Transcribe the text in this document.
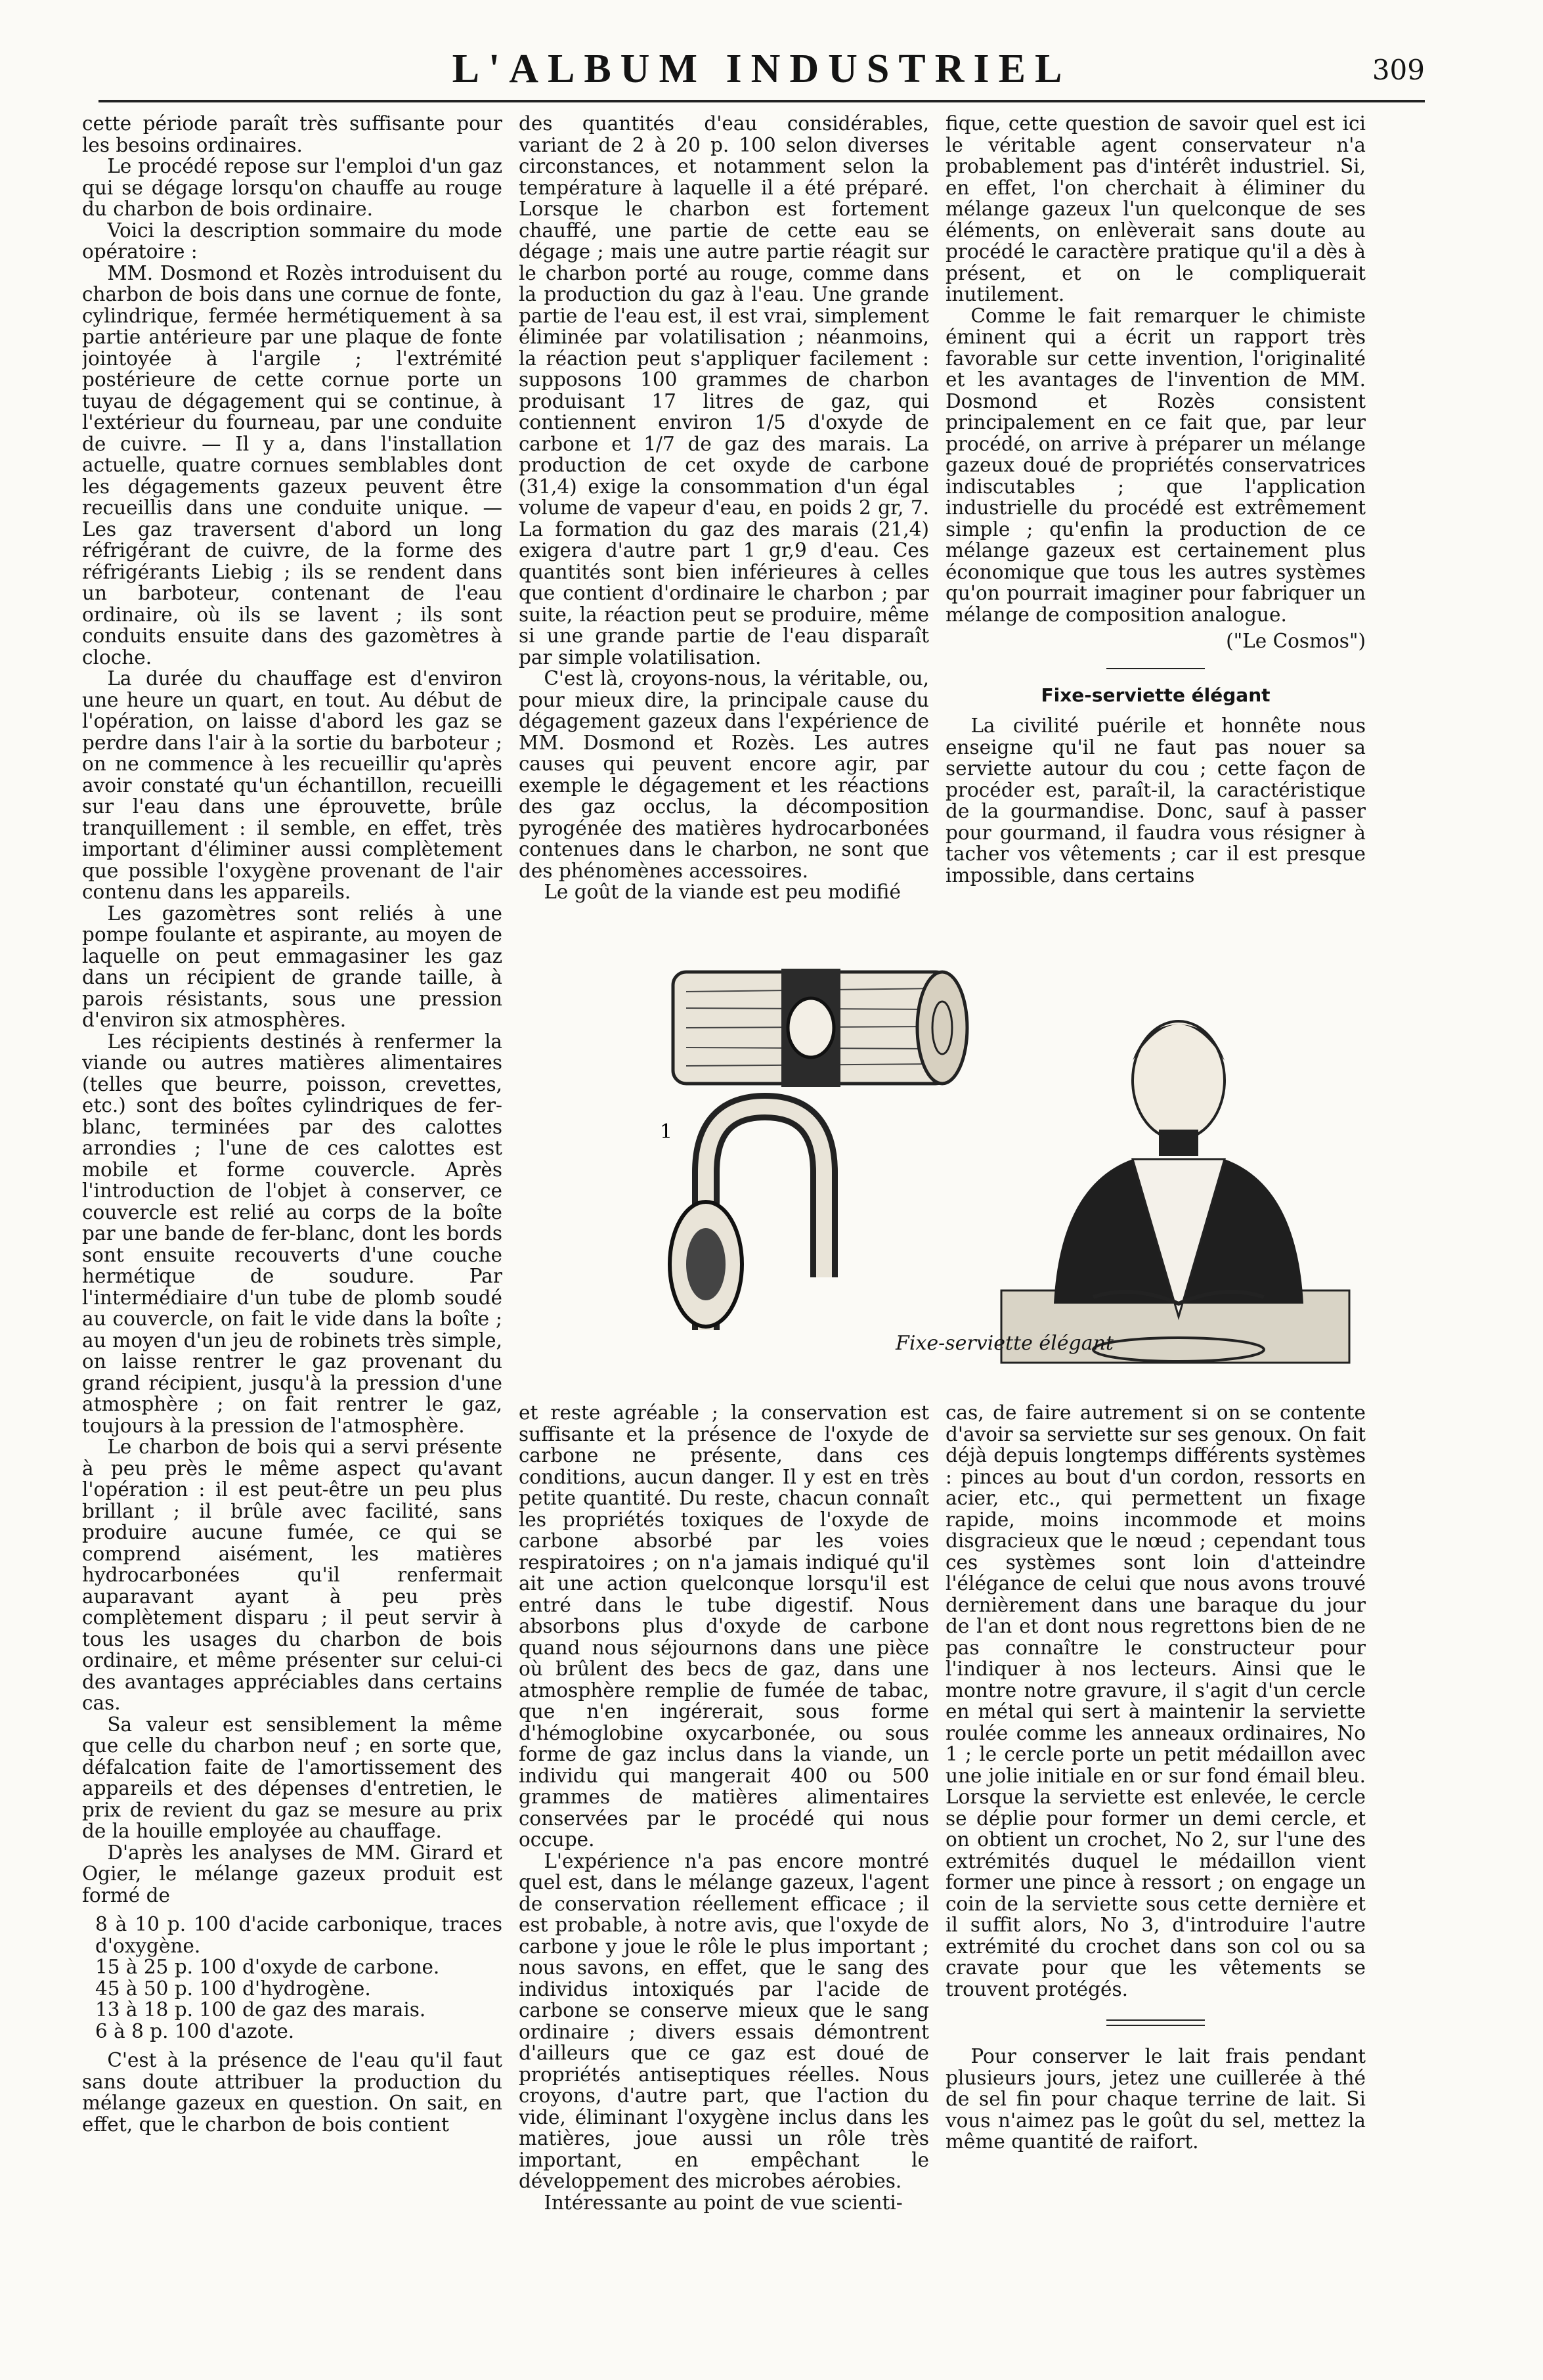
L'ALBUM INDUSTRIEL	309

cette période paraît très suffisante pour les besoins ordinaires.

Le procédé repose sur l'emploi d'un gaz qui se dégage lorsqu'on chauffe au rouge du charbon de bois ordinaire.

Voici la description sommaire du mode opératoire :

MM. Dosmond et Rozès introduisent du charbon de bois dans une cornue de fonte, cylindrique, fermée hermétiquement à sa partie antérieure par une plaque de fonte jointoyée à l'argile ; l'extrémité postérieure de cette cornue porte un tuyau de dégagement qui se continue, à l'extérieur du fourneau, par une conduite de cuivre. — Il y a, dans l'installation actuelle, quatre cornues semblables dont les dégagements gazeux peuvent être recueillis dans une conduite unique. — Les gaz traversent d'abord un long réfrigérant de cuivre, de la forme des réfrigérants Liebig ; ils se rendent dans un barboteur, contenant de l'eau ordinaire, où ils se lavent ; ils sont conduits ensuite dans des gazomètres à cloche.

La durée du chauffage est d'environ une heure un quart, en tout. Au début de l'opération, on laisse d'abord les gaz se perdre dans l'air à la sortie du barboteur ; on ne commence à les recueillir qu'après avoir constaté qu'un échantillon, recueilli sur l'eau dans une éprouvette, brûle tranquillement : il semble, en effet, très important d'éliminer aussi complètement que possible l'oxygène provenant de l'air contenu dans les appareils.

Les gazomètres sont reliés à une pompe foulante et aspirante, au moyen de laquelle on peut emmagasiner les gaz dans un récipient de grande taille, à parois résistants, sous une pression d'environ six atmosphères.

Les récipients destinés à renfermer la viande ou autres matières alimentaires (telles que beurre, poisson, crevettes, etc.) sont des boîtes cylindriques de fer-blanc, terminées par des calottes arrondies ; l'une de ces calottes est mobile et forme couvercle. Après l'introduction de l'objet à conserver, ce couvercle est relié au corps de la boîte par une bande de fer-blanc, dont les bords sont ensuite recouverts d'une couche hermétique de soudure. Par l'intermédiaire d'un tube de plomb soudé au couvercle, on fait le vide dans la boîte ; au moyen d'un jeu de robinets très simple, on laisse rentrer le gaz provenant du grand récipient, jusqu'à la pression d'une atmosphère ; on fait rentrer le gaz, toujours à la pression de l'atmosphère.

Le charbon de bois qui a servi présente à peu près le même aspect qu'avant l'opération : il est peut-être un peu plus brillant ; il brûle avec facilité, sans produire aucune fumée, ce qui se comprend aisément, les matières hydrocarbonées qu'il renfermait auparavant ayant à peu près complètement disparu ; il peut servir à tous les usages du charbon de bois ordinaire, et même présenter sur celui-ci des avantages appréciables dans certains cas.

Sa valeur est sensiblement la même que celle du charbon neuf ; en sorte que, défalcation faite de l'amortissement des appareils et des dépenses d'entretien, le prix de revient du gaz se mesure au prix de la houille employée au chauffage.

D'après les analyses de MM. Girard et Ogier, le mélange gazeux produit est formé de

8 à 10 p. 100 d'acide carbonique, traces d'oxygène.
15 à 25 p. 100 d'oxyde de carbone.
45 à 50 p. 100 d'hydrogène.
13 à 18 p. 100 de gaz des marais.
6 à 8 p. 100 d'azote.

C'est à la présence de l'eau qu'il faut sans doute attribuer la production du mélange gazeux en question. On sait, en effet, que le charbon de bois contient

des quantités d'eau considérables, variant de 2 à 20 p. 100 selon diverses circonstances, et notamment selon la température à laquelle il a été préparé. Lorsque le charbon est fortement chauffé, une partie de cette eau se dégage ; mais une autre partie réagit sur le charbon porté au rouge, comme dans la production du gaz à l'eau. Une grande partie de l'eau est, il est vrai, simplement éliminée par volatilisation ; néanmoins, la réaction peut s'appliquer facilement : supposons 100 grammes de charbon produisant 17 litres de gaz, qui contiennent environ 1/5 d'oxyde de carbone et 1/7 de gaz des marais. La production de cet oxyde de carbone (31,4) exige la consommation d'un égal volume de vapeur d'eau, en poids 2 gr, 7. La formation du gaz des marais (21,4) exigera d'autre part 1 gr,9 d'eau. Ces quantités sont bien inférieures à celles que contient d'ordinaire le charbon ; par suite, la réaction peut se produire, même si une grande partie de l'eau disparaît par simple volatilisation.

C'est là, croyons-nous, la véritable, ou, pour mieux dire, la principale cause du dégagement gazeux dans l'expérience de MM. Dosmond et Rozès. Les autres causes qui peuvent encore agir, par exemple le dégagement et les réactions des gaz occlus, la décomposition pyrogénée des matières hydrocarbonées contenues dans le charbon, ne sont que des phénomènes accessoires.

Le goût de la viande est peu modifié

fique, cette question de savoir quel est ici le véritable agent conservateur n'a probablement pas d'intérêt industriel. Si, en effet, l'on cherchait à éliminer du mélange gazeux l'un quelconque de ses éléments, on enlèverait sans doute au procédé le caractère pratique qu'il a dès à présent, et on le compliquerait inutilement.

Comme le fait remarquer le chimiste éminent qui a écrit un rapport très favorable sur cette invention, l'originalité et les avantages de l'invention de MM. Dosmond et Rozès consistent principalement en ce fait que, par leur procédé, on arrive à préparer un mélange gazeux doué de propriétés conservatrices indiscutables ; que l'application industrielle du procédé est extrêmement simple ; qu'enfin la production de ce mélange gazeux est certainement plus économique que tous les autres systèmes qu'on pourrait imaginer pour fabriquer un mélange de composition analogue.

("Le Cosmos")
Fixe-serviette élégant

La civilité puérile et honnête nous enseigne qu'il ne faut pas nouer sa serviette autour du cou ; cette façon de procéder est, paraît-il, la caractéristique de la gourmandise. Donc, sauf à passer pour gourmand, il faudra vous résigner à tacher vos vêtements ; car il est presque impossible, dans certains

1
Fixe-serviette élégant

et reste agréable ; la conservation est suffisante et la présence de l'oxyde de carbone ne présente, dans ces conditions, aucun danger. Il y est en très petite quantité. Du reste, chacun connaît les propriétés toxiques de l'oxyde de carbone absorbé par les voies respiratoires ; on n'a jamais indiqué qu'il ait une action quelconque lorsqu'il est entré dans le tube digestif. Nous absorbons plus d'oxyde de carbone quand nous séjournons dans une pièce où brûlent des becs de gaz, dans une atmosphère remplie de fumée de tabac, que n'en ingérerait, sous forme d'hémoglobine oxycarbonée, ou sous forme de gaz inclus dans la viande, un individu qui mangerait 400 ou 500 grammes de matières alimentaires conservées par le procédé qui nous occupe.

L'expérience n'a pas encore montré quel est, dans le mélange gazeux, l'agent de conservation réellement efficace ; il est probable, à notre avis, que l'oxyde de carbone y joue le rôle le plus important ; nous savons, en effet, que le sang des individus intoxiqués par l'acide de carbone se conserve mieux que le sang ordinaire ; divers essais démontrent d'ailleurs que ce gaz est doué de propriétés antiseptiques réelles. Nous croyons, d'autre part, que l'action du vide, éliminant l'oxygène inclus dans les matières, joue aussi un rôle très important, en empêchant le développement des microbes aérobies.

Intéressante au point de vue scienti-

cas, de faire autrement si on se contente d'avoir sa serviette sur ses genoux. On fait déjà depuis longtemps différents systèmes : pinces au bout d'un cordon, ressorts en acier, etc., qui permettent un fixage rapide, moins incommode et moins disgracieux que le nœud ; cependant tous ces systèmes sont loin d'atteindre l'élégance de celui que nous avons trouvé dernièrement dans une baraque du jour de l'an et dont nous regrettons bien de ne pas connaître le constructeur pour l'indiquer à nos lecteurs. Ainsi que le montre notre gravure, il s'agit d'un cercle en métal qui sert à maintenir la serviette roulée comme les anneaux ordinaires, No 1 ; le cercle porte un petit médaillon avec une jolie initiale en or sur fond émail bleu. Lorsque la serviette est enlevée, le cercle se déplie pour former un demi cercle, et on obtient un crochet, No 2, sur l'une des extrémités duquel le médaillon vient former une pince à ressort ; on engage un coin de la serviette sous cette dernière et il suffit alors, No 3, d'introduire l'autre extrémité du crochet dans son col ou sa cravate pour que les vêtements se trouvent protégés.

Pour conserver le lait frais pendant plusieurs jours, jetez une cuillerée à thé de sel fin pour chaque terrine de lait. Si vous n'aimez pas le goût du sel, mettez la même quantité de raifort.
